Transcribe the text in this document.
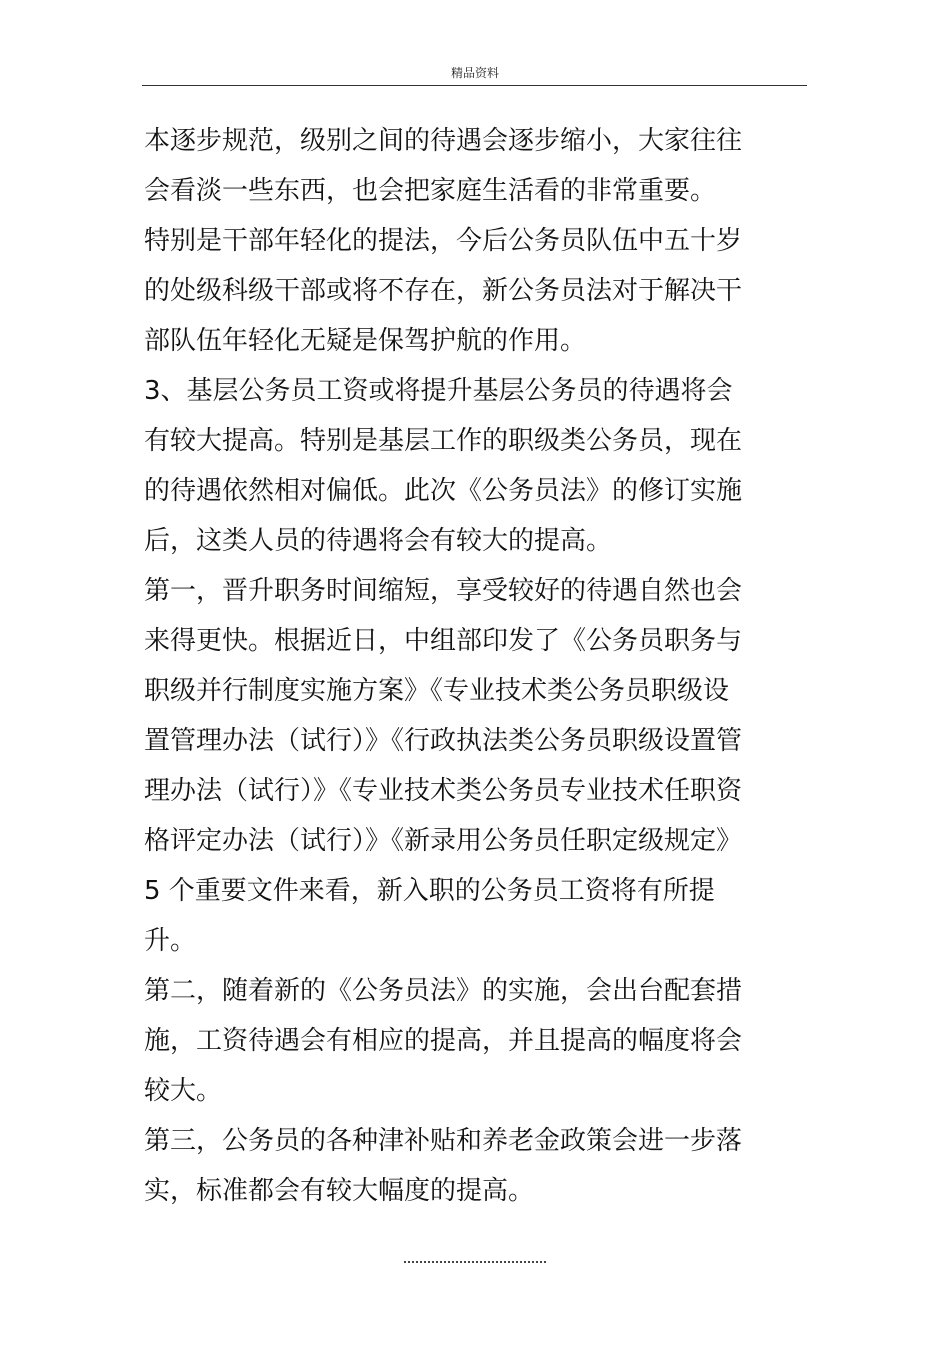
精品资料
本逐步规范，级别之间的待遇会逐步缩小，大家往往
会看淡一些东西，也会把家庭生活看的非常重要。
特别是干部年轻化的提法，今后公务员队伍中五十岁
的处级科级干部或将不存在，新公务员法对于解决干
部队伍年轻化无疑是保驾护航的作用。
3、基层公务员工资或将提升基层公务员的待遇将会
有较大提高。特别是基层工作的职级类公务员，现在
的待遇依然相对偏低。此次《公务员法》的修订实施
后，这类人员的待遇将会有较大的提高。
第一，晋升职务时间缩短，享受较好的待遇自然也会
来得更快。根据近日，中组部印发了《公务员职务与
职级并行制度实施方案》《专业技术类公务员职级设
置管理办法（试行）》《行政执法类公务员职级设置管
理办法（试行）》《专业技术类公务员专业技术任职资
格评定办法（试行）》《新录用公务员任职定级规定》
5 个重要文件来看，新入职的公务员工资将有所提
升。
第二，随着新的《公务员法》的实施，会出台配套措
施，工资待遇会有相应的提高，并且提高的幅度将会
较大。
第三，公务员的各种津补贴和养老金政策会进一步落
实，标准都会有较大幅度的提高。
